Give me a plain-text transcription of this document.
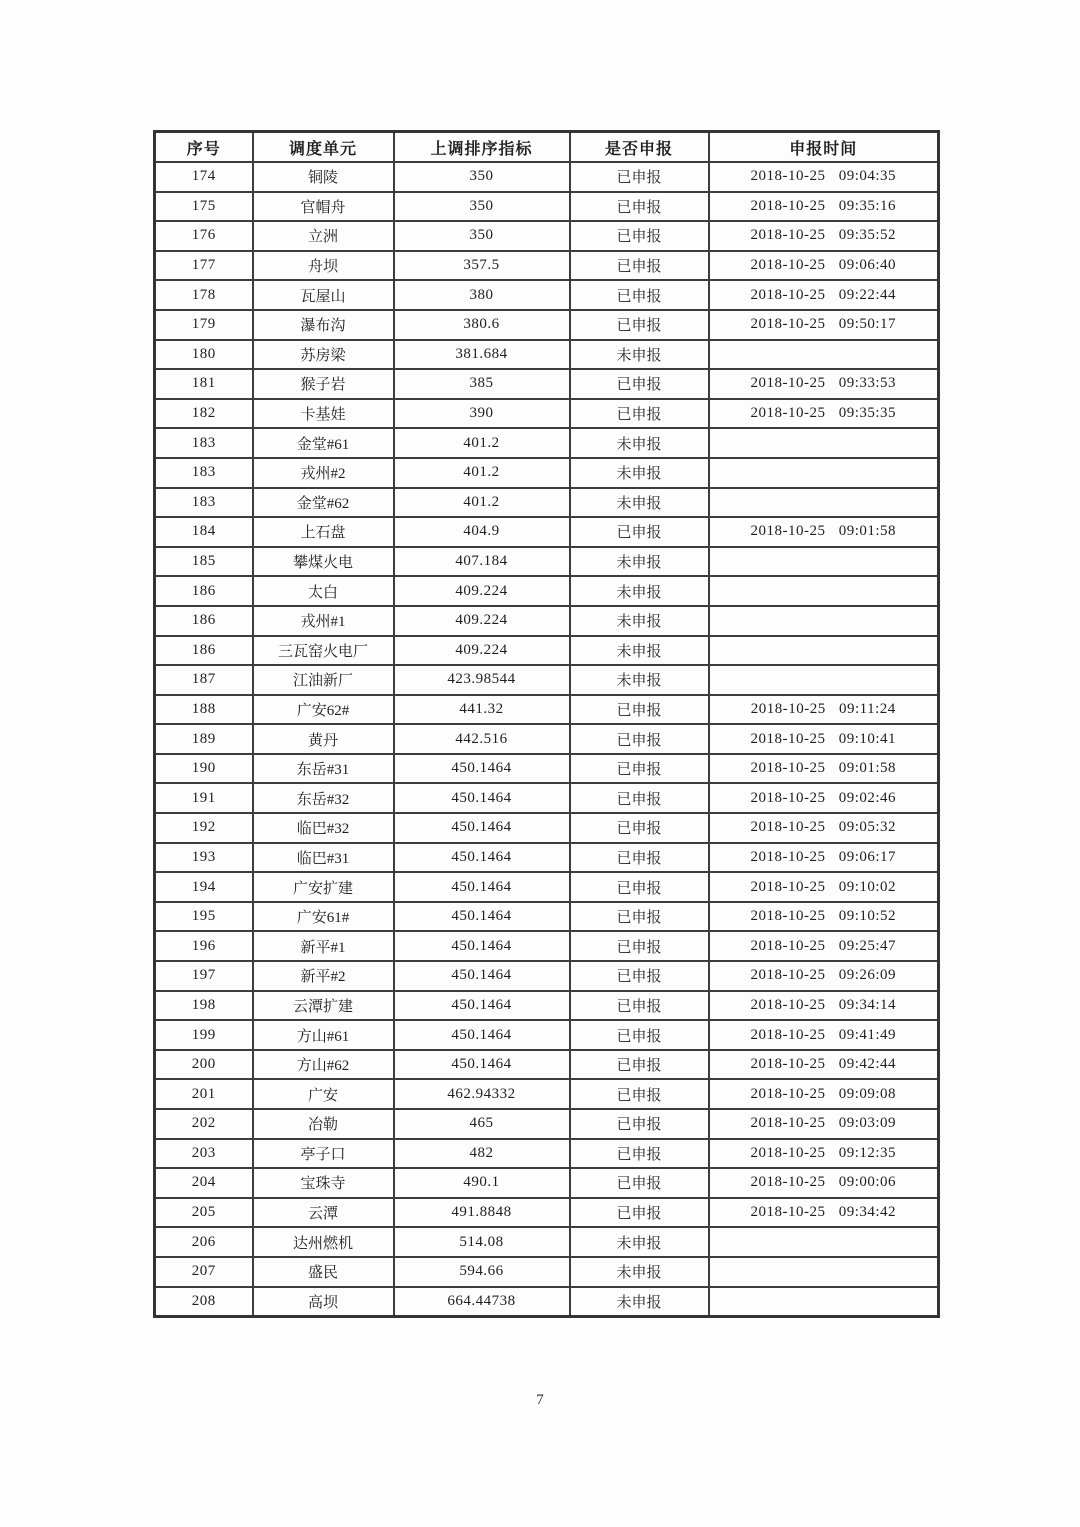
序号	调度单元	上调排序指标	是否申报	申报时间
174	铜陵	350	已申报	2018-10-25 09:04:35
175	官帽舟	350	已申报	2018-10-25 09:35:16
176	立洲	350	已申报	2018-10-25 09:35:52
177	舟坝	357.5	已申报	2018-10-25 09:06:40
178	瓦屋山	380	已申报	2018-10-25 09:22:44
179	瀑布沟	380.6	已申报	2018-10-25 09:50:17
180	苏房梁	381.684	未申报	
181	猴子岩	385	已申报	2018-10-25 09:33:53
182	卡基娃	390	已申报	2018-10-25 09:35:35
183	金堂#61	401.2	未申报	
183	戎州#2	401.2	未申报	
183	金堂#62	401.2	未申报	
184	上石盘	404.9	已申报	2018-10-25 09:01:58
185	攀煤火电	407.184	未申报	
186	太白	409.224	未申报	
186	戎州#1	409.224	未申报	
186	三瓦窑火电厂	409.224	未申报	
187	江油新厂	423.98544	未申报	
188	广安62#	441.32	已申报	2018-10-25 09:11:24
189	黄丹	442.516	已申报	2018-10-25 09:10:41
190	东岳#31	450.1464	已申报	2018-10-25 09:01:58
191	东岳#32	450.1464	已申报	2018-10-25 09:02:46
192	临巴#32	450.1464	已申报	2018-10-25 09:05:32
193	临巴#31	450.1464	已申报	2018-10-25 09:06:17
194	广安扩建	450.1464	已申报	2018-10-25 09:10:02
195	广安61#	450.1464	已申报	2018-10-25 09:10:52
196	新平#1	450.1464	已申报	2018-10-25 09:25:47
197	新平#2	450.1464	已申报	2018-10-25 09:26:09
198	云潭扩建	450.1464	已申报	2018-10-25 09:34:14
199	方山#61	450.1464	已申报	2018-10-25 09:41:49
200	方山#62	450.1464	已申报	2018-10-25 09:42:44
201	广安	462.94332	已申报	2018-10-25 09:09:08
202	冶勒	465	已申报	2018-10-25 09:03:09
203	亭子口	482	已申报	2018-10-25 09:12:35
204	宝珠寺	490.1	已申报	2018-10-25 09:00:06
205	云潭	491.8848	已申报	2018-10-25 09:34:42
206	达州燃机	514.08	未申报	
207	盛民	594.66	未申报	
208	高坝	664.44738	未申报	
7
